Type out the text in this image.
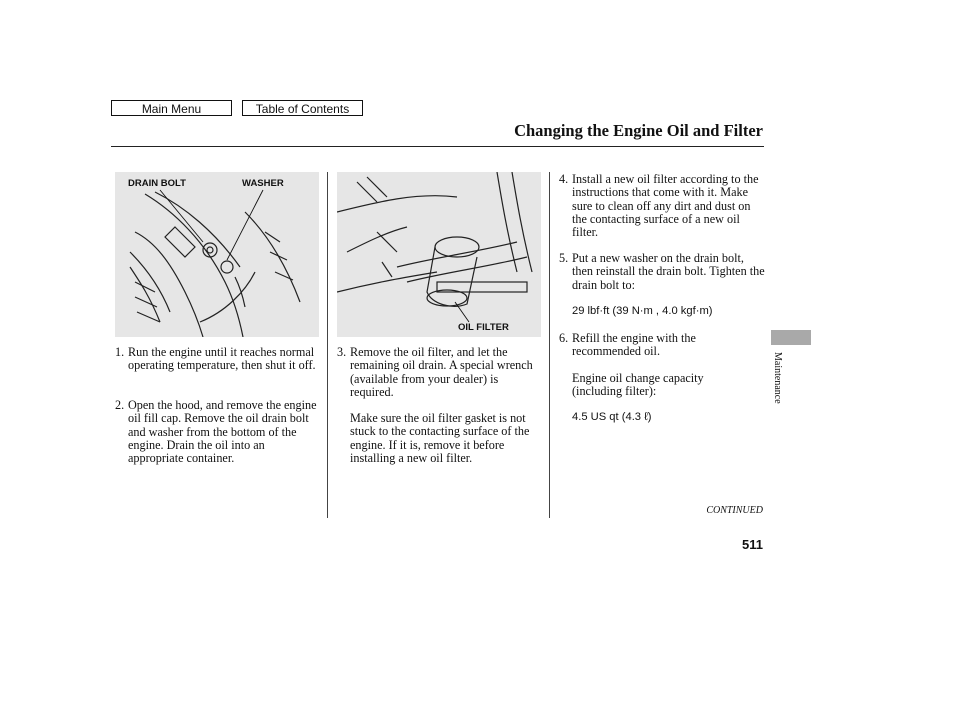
Main Menu	Table of Contents
Changing the Engine Oil and Filter
DRAIN BOLT	WASHER
OIL FILTER
1. Run the engine until it reaches normal operating temperature, then shut it off.
2. Open the hood, and remove the engine oil fill cap. Remove the oil drain bolt and washer from the bottom of the engine. Drain the oil into an appropriate container.
3. Remove the oil filter, and let the remaining oil drain. A special wrench (available from your dealer) is required.
Make sure the oil filter gasket is not stuck to the contacting surface of the engine. If it is, remove it before installing a new oil filter.
4. Install a new oil filter according to the instructions that come with it. Make sure to clean off any dirt and dust on the contacting surface of a new oil filter.
5. Put a new washer on the drain bolt, then reinstall the drain bolt. Tighten the drain bolt to:
29 lbf·ft (39 N·m , 4.0 kgf·m)
6. Refill the engine with the recommended oil.
Engine oil change capacity (including filter):
4.5 US qt (4.3 ℓ)
CONTINUED
511
Maintenance
